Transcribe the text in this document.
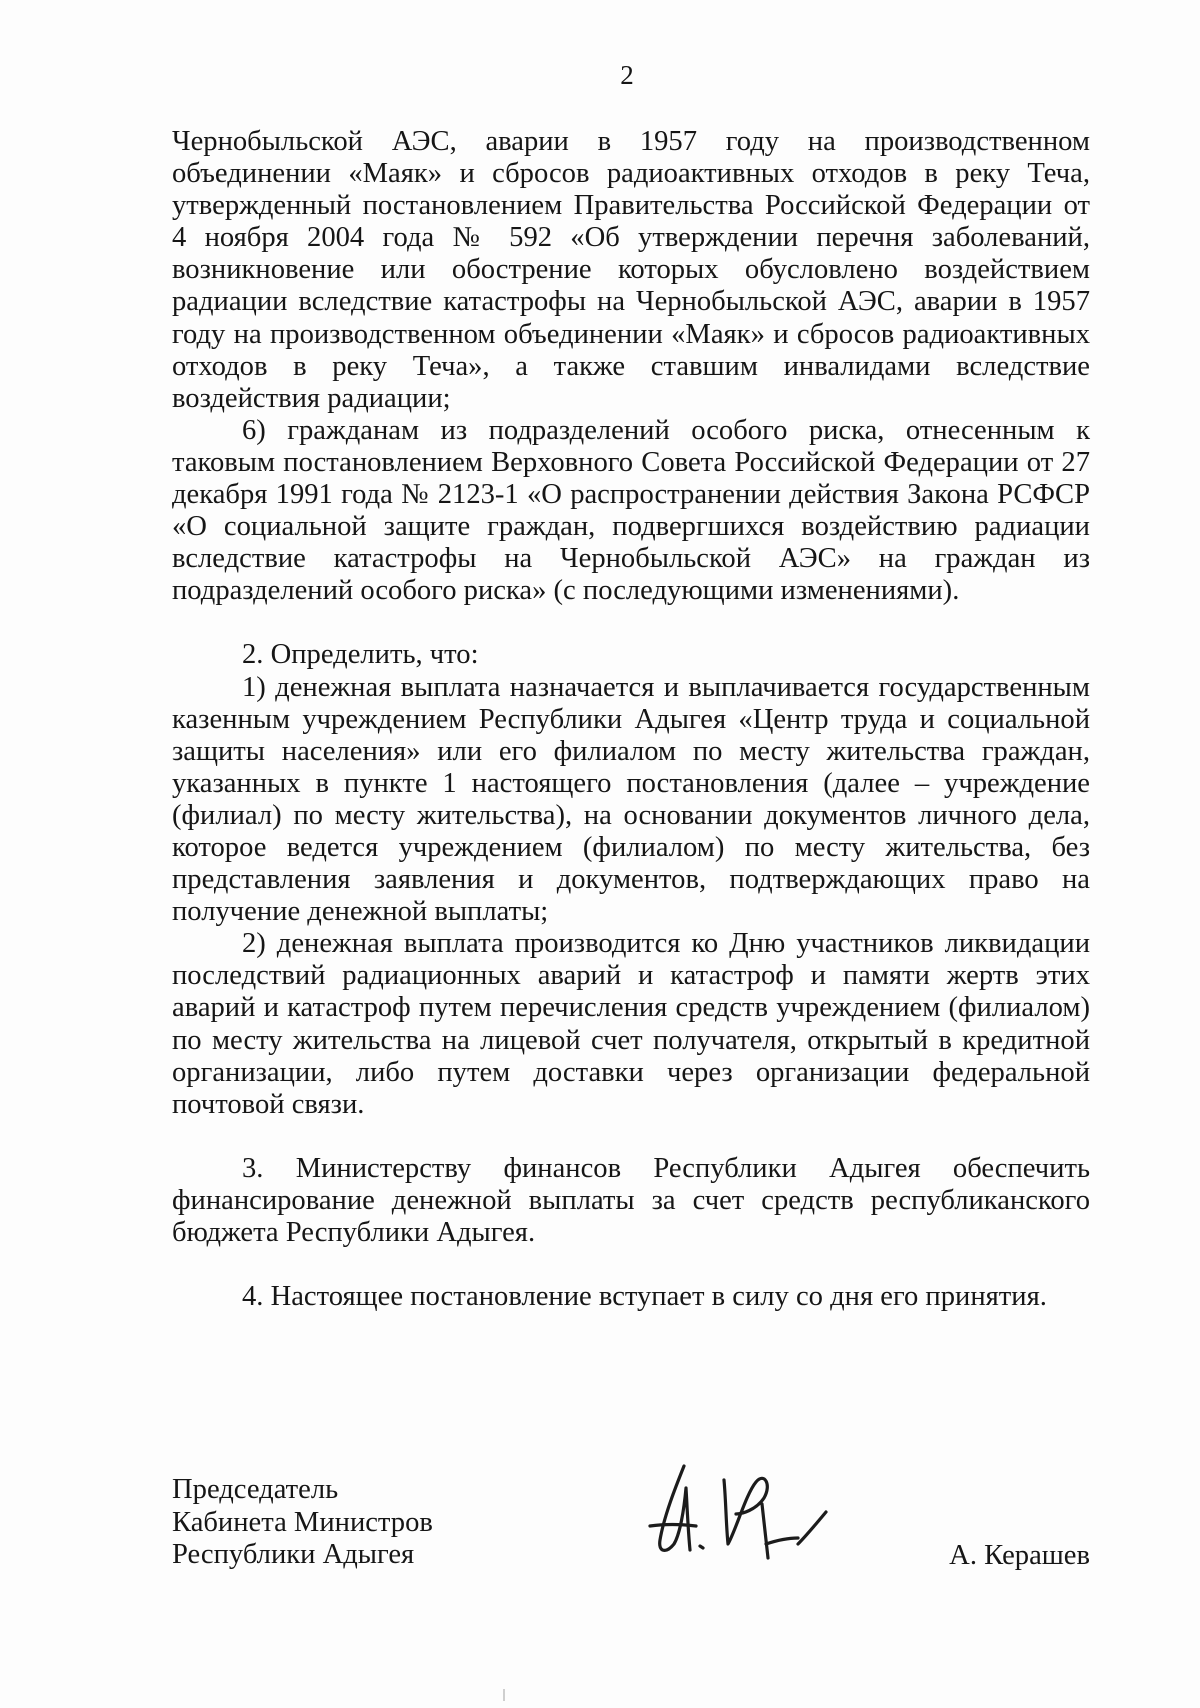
2

Чернобыльской АЭС, аварии в 1957 году на производственном объединении «Маяк» и сбросов радиоактивных отходов в реку Теча, утвержденный постановлением Правительства Российской Федерации от 4 ноября 2004 года № 592 «Об утверждении перечня заболеваний, возникновение или обострение которых обусловлено воздействием радиации вследствие катастрофы на Чернобыльской АЭС, аварии в 1957 году на производственном объединении «Маяк» и сбросов радиоактивных отходов в реку Теча», а также ставшим инвалидами вследствие воздействия радиации;

6) гражданам из подразделений особого риска, отнесенным к таковым постановлением Верховного Совета Российской Федерации от 27 декабря 1991 года № 2123-1 «О распространении действия Закона РСФСР «О социальной защите граждан, подвергшихся воздействию радиации вследствие катастрофы на Чернобыльской АЭС» на граждан из подразделений особого риска» (с последующими изменениями).

2. Определить, что:

1) денежная выплата назначается и выплачивается государственным казенным учреждением Республики Адыгея «Центр труда и социальной защиты населения» или его филиалом по месту жительства граждан, указанных в пункте 1 настоящего постановления (далее – учреждение (филиал) по месту жительства), на основании документов личного дела, которое ведется учреждением (филиалом) по месту жительства, без представления заявления и документов, подтверждающих право на получение денежной выплаты;

2) денежная выплата производится ко Дню участников ликвидации последствий радиационных аварий и катастроф и памяти жертв этих аварий и катастроф путем перечисления средств учреждением (филиалом) по месту жительства на лицевой счет получателя, открытый в кредитной организации, либо путем доставки через организации федеральной почтовой связи.

3. Министерству финансов Республики Адыгея обеспечить финансирование денежной выплаты за счет средств республиканского бюджета Республики Адыгея.

4. Настоящее постановление вступает в силу со дня его принятия.

Председатель
Кабинета Министров
Республики Адыгея	А. Керашев
